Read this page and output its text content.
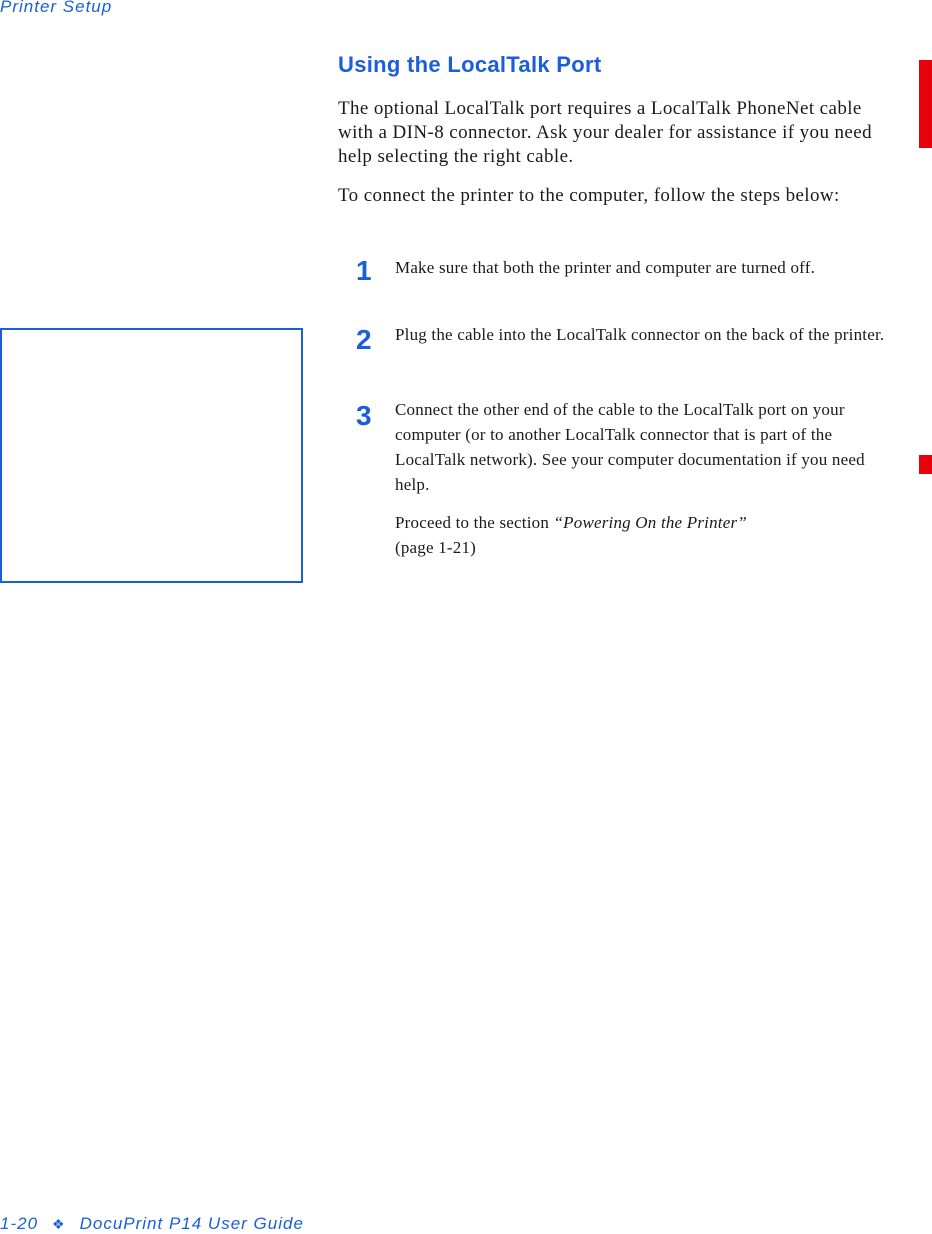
Printer Setup
Using the LocalTalk Port

The optional LocalTalk port requires a LocalTalk PhoneNet cable with a DIN-8 connector. Ask your dealer for assistance if you need help selecting the right cable.

To connect the printer to the computer, follow the steps below:

1 Make sure that both the printer and computer are turned off.

2 Plug the cable into the LocalTalk connector on the back of the printer.

3 Connect the other end of the cable to the LocalTalk port on your computer (or to another LocalTalk connector that is part of the LocalTalk network). See your computer documentation if you need help.

Proceed to the section “Powering On the Printer”
(page 1-21)

1-20 ❖ DocuPrint P14 User Guide
